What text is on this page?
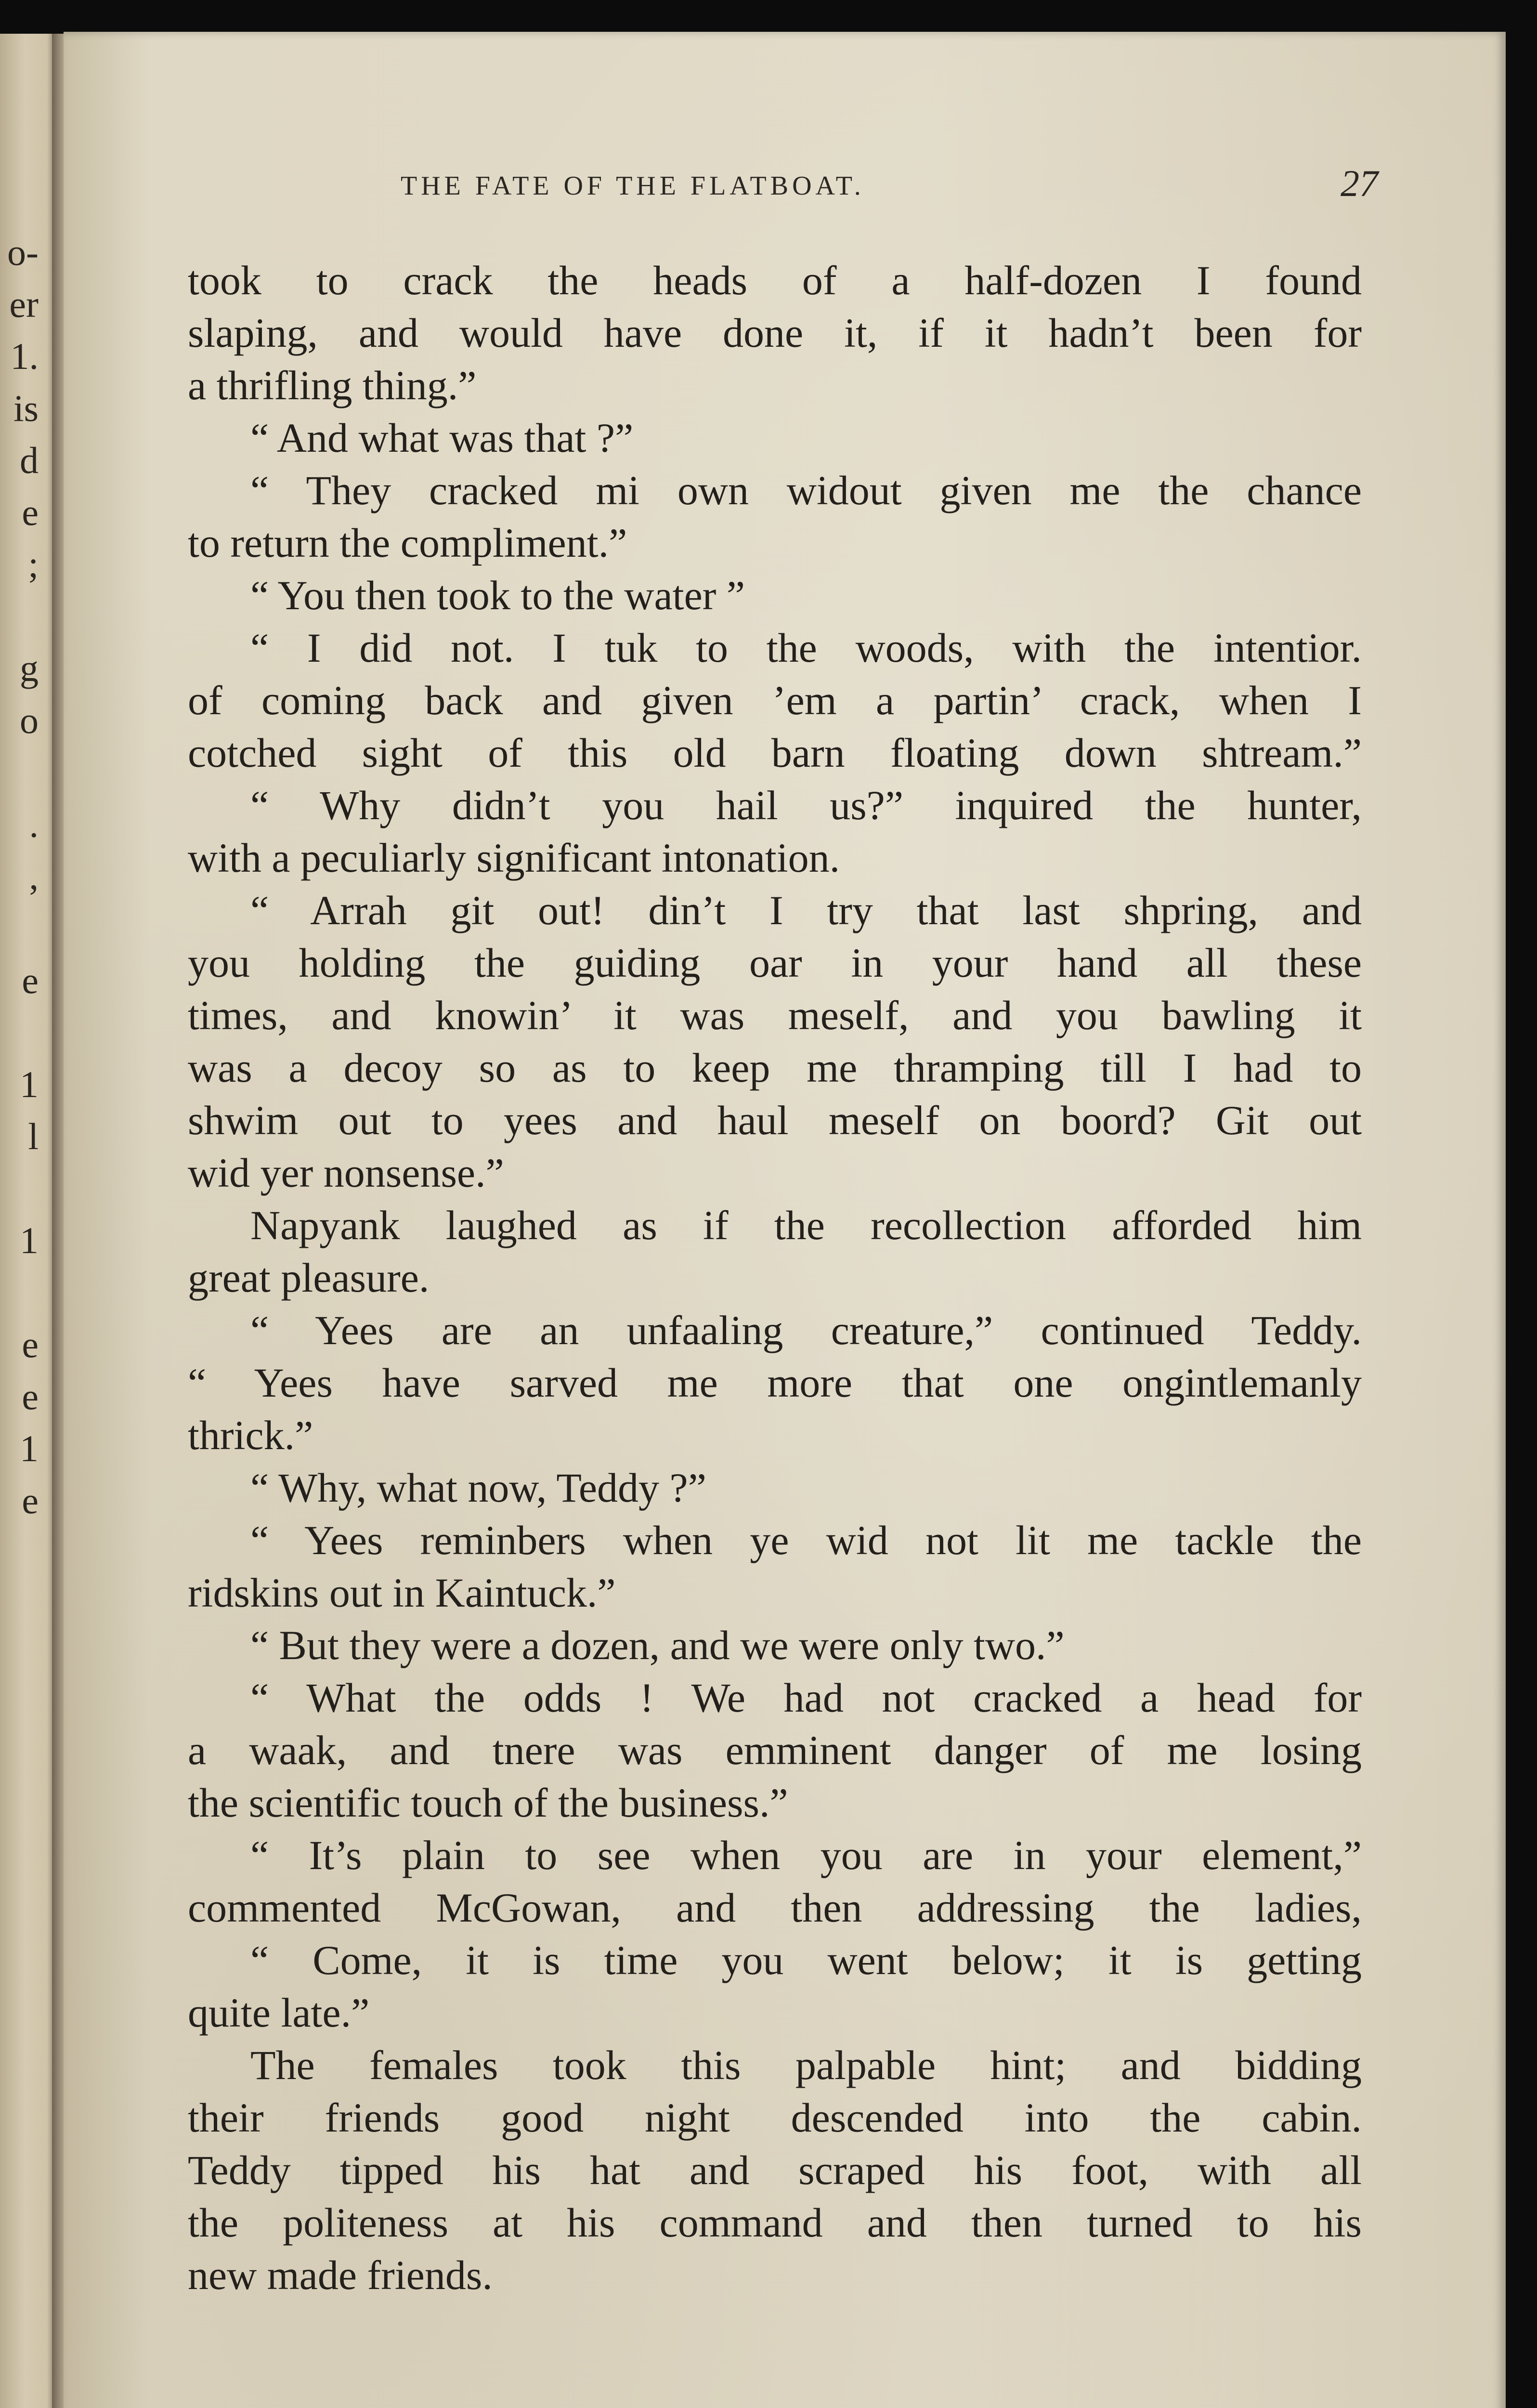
o-
er
1.
is
d
e
;
g
o
.
,
e
1
l
1
e
e
1
e
THE FATE OF THE FLATBOAT.	27
took to crack the heads of a half-dozen I found
slaping, and would have done it, if it hadn’t been for
a thrifling thing.”
“ And what was that ?”
“ They cracked mi own widout given me the chance
to return the compliment.”
“ You then took to the water ”
“ I did not. I tuk to the woods, with the intentior.
of coming back and given ’em a partin’ crack, when I
cotched sight of this old barn floating down shtream.”
“ Why didn’t you hail us?” inquired the hunter,
with a peculiarly significant intonation.
“ Arrah git out! din’t I try that last shpring, and
you holding the guiding oar in your hand all these
times, and knowin’ it was meself, and you bawling it
was a decoy so as to keep me thramping till I had to
shwim out to yees and haul meself on boord? Git out
wid yer nonsense.”
Napyank laughed as if the recollection afforded him
great pleasure.
“ Yees are an unfaaling creature,” continued Teddy.
“ Yees have sarved me more that one ongintlemanly
thrick.”
“ Why, what now, Teddy ?”
“ Yees reminbers when ye wid not lit me tackle the
ridskins out in Kaintuck.”
“ But they were a dozen, and we were only two.”
“ What the odds ! We had not cracked a head for
a waak, and tnere was emminent danger of me losing
the scientific touch of the business.”
“ It’s plain to see when you are in your element,”
commented McGowan, and then addressing the ladies,
“ Come, it is time you went below; it is getting
quite late.”
The females took this palpable hint; and bidding
their friends good night descended into the cabin.
Teddy tipped his hat and scraped his foot, with all
the politeness at his command and then turned to his
new made friends.
